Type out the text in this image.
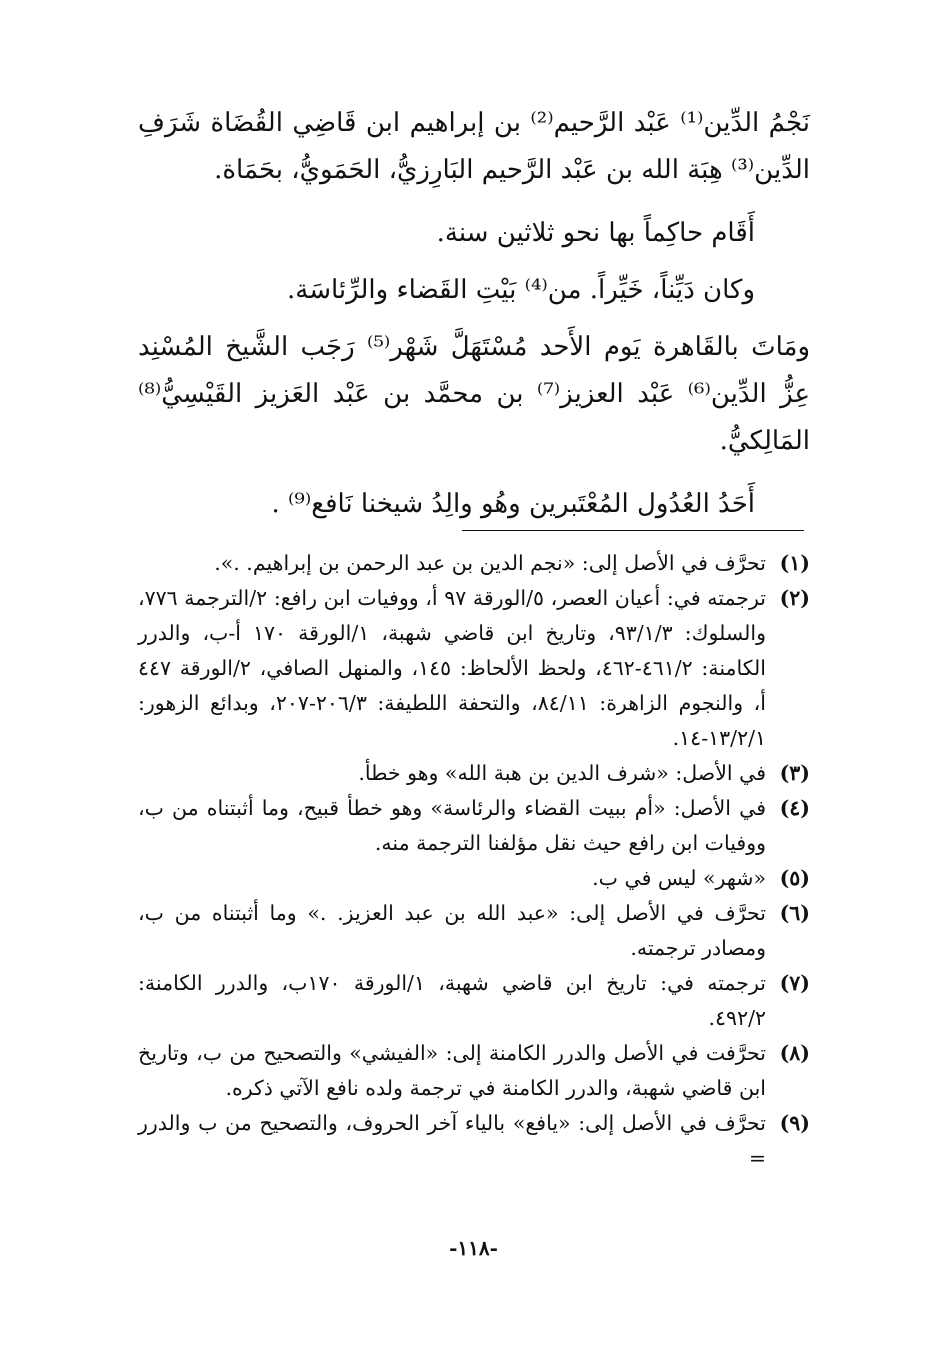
نَجْمُ الدِّين⁽¹⁾ عَبْد الرَّحيم⁽²⁾ بن إبراهيم ابن قَاضِي القُضَاة شَرَفِ الدِّين⁽³⁾ هِبَة الله بن عَبْد الرَّحيم البَارِزيُّ، الحَمَويُّ، بحَمَاة.

أَقَام حاكِماً بها نحو ثلاثين سنة.

وكان دَيِّناً، خَيِّراً. من⁽⁴⁾ بَيْتِ القَضاء والرِّئاسَة.

ومَاتَ بالقَاهرة يَوم الأَحد مُسْتَهَلَّ شَهْر⁽⁵⁾ رَجَب الشَّيخ المُسْنِد عِزُّ الدِّين⁽⁶⁾ عَبْد العزيز⁽⁷⁾ بن محمَّد بن عَبْد العَزيز القَيْسِيُّ⁽⁸⁾ المَالِكيُّ.

أَحَدُ العُدُول المُعْتَبرين وهُو والِدُ شيخنا نَافع⁽⁹⁾ .

(١)
تحرَّف في الأصل إلى: «نجم الدين بن عبد الرحمن بن إبراهيم. .».
(٢)
ترجمته في: أعيان العصر، ٥/الورقة ٩٧ أ، ووفيات ابن رافع: ٢/الترجمة ٧٧٦، والسلوك: ٩٣/١/٣، وتاريخ ابن قاضي شهبة، ١/الورقة ١٧٠ أ-ب، والدرر الكامنة: ٤٦١/٢-٤٦٢، ولحظ الألحاظ: ١٤٥، والمنهل الصافي، ٢/الورقة ٤٤٧ أ، والنجوم الزاهرة: ٨٤/١١، والتحفة اللطيفة: ٢٠٦/٣-٢٠٧، وبدائع الزهور: ١٣/٢/١-١٤.
(٣)
في الأصل: «شرف الدين بن هبة الله» وهو خطأ.
(٤)
في الأصل: «أم ببيت القضاء والرئاسة» وهو خطأ قبيح، وما أثبتناه من ب، ووفيات ابن رافع حيث نقل مؤلفنا الترجمة منه.
(٥)
«شهر» ليس في ب.
(٦)
تحرَّف في الأصل إلى: «عبد الله بن عبد العزيز. .» وما أثبتناه من ب، ومصادر ترجمته.
(٧)
ترجمته في: تاريخ ابن قاضي شهبة، ١/الورقة ١٧٠ب، والدرر الكامنة: ٤٩٢/٢.
(٨)
تحرَّفت في الأصل والدرر الكامنة إلى: «الفيشي» والتصحيح من ب، وتاريخ ابن قاضي شهبة، والدرر الكامنة في ترجمة ولده نافع الآتي ذكره.
(٩)
تحرَّف في الأصل إلى: «يافع» بالياء آخر الحروف، والتصحيح من ب والدرر =
-١١٨-
